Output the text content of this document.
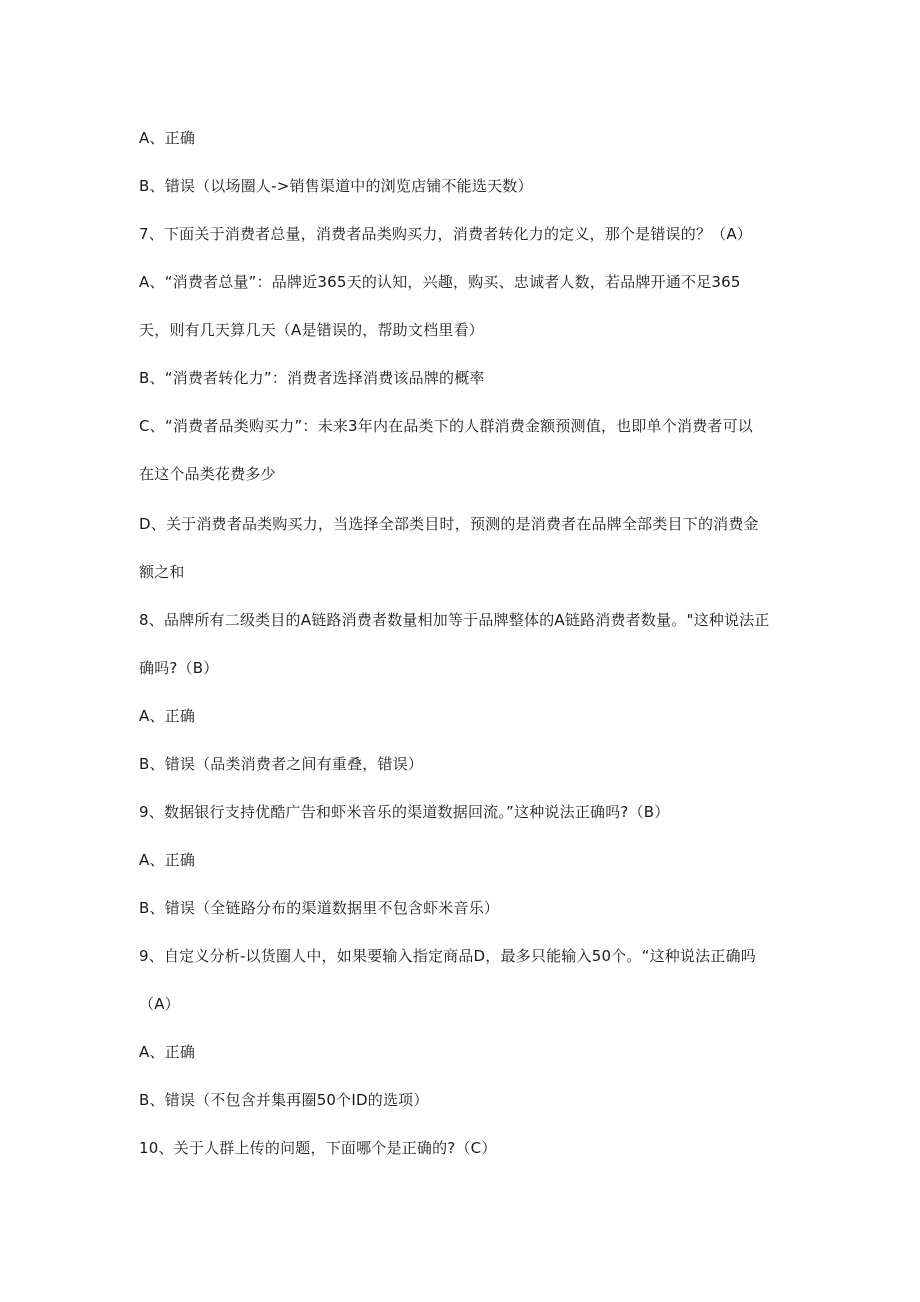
A、正确
B、错误（以场圈人->销售渠道中的浏览店铺不能选天数）
7、下面关于消费者总量，消费者品类购买力，消费者转化力的定义，那个是错误的？（A）
A、“消费者总量”：品牌近365天的认知，兴趣，购买、忠诚者人数，若品牌开通不足365
天，则有几天算几天（A是错误的，帮助文档里看）
B、“消费者转化力”：消费者选择消费该品牌的概率
C、“消费者品类购买力”：未来3年内在品类下的人群消费金额预测值，也即单个消费者可以
在这个品类花费多少
D、关于消费者品类购买力，当选择全部类目时，预测的是消费者在品牌全部类目下的消费金
额之和
8、品牌所有二级类目的A链路消费者数量相加等于品牌整体的A链路消费者数量。"这种说法正
确吗?（B）
A、正确
B、错误（品类消费者之间有重叠，错误）
9、数据银行支持优酷广告和虾米音乐的渠道数据回流。”这种说法正确吗?（B）
A、正确
B、错误（全链路分布的渠道数据里不包含虾米音乐）
9、自定义分析-以货圈人中，如果要输入指定商品D，最多只能输入50个。“这种说法正确吗
（A）
A、正确
B、错误（不包含并集再圈50个ID的选项）
10、关于人群上传的问题，下面哪个是正确的?（C）
